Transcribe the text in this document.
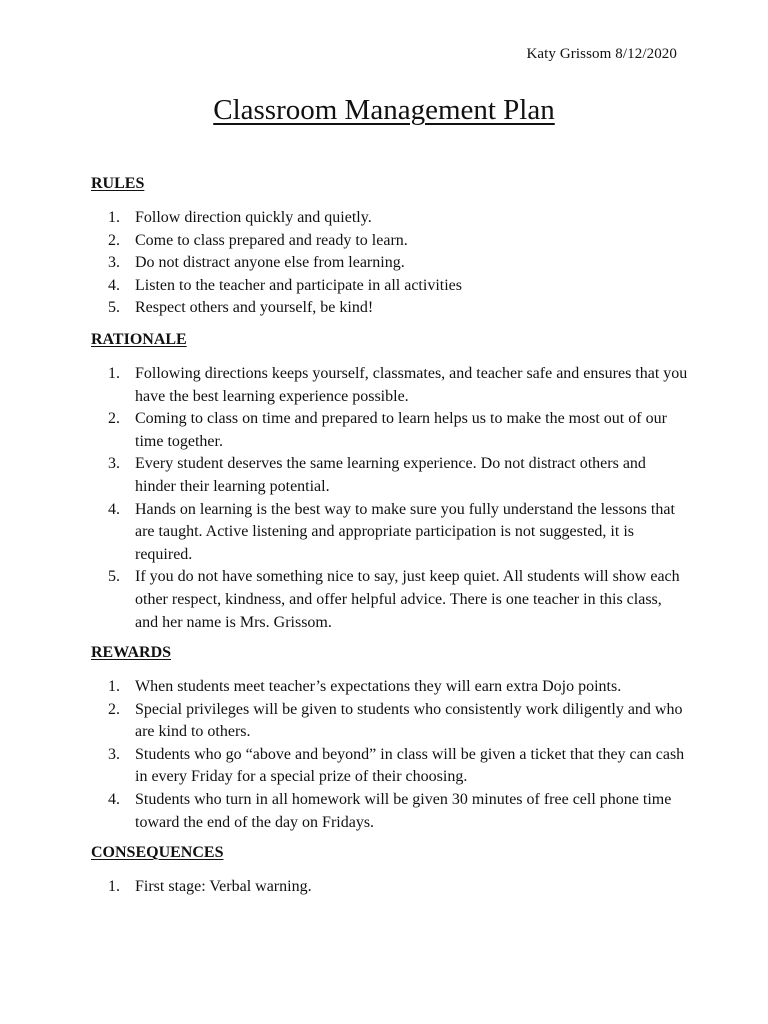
Katy Grissom 8/12/2020
Classroom Management Plan
RULES
1. Follow direction quickly and quietly.
2. Come to class prepared and ready to learn.
3. Do not distract anyone else from learning.
4. Listen to the teacher and participate in all activities
5. Respect others and yourself, be kind!
RATIONALE
1. Following directions keeps yourself, classmates, and teacher safe and ensures that you have the best learning experience possible.
2. Coming to class on time and prepared to learn helps us to make the most out of our time together.
3. Every student deserves the same learning experience. Do not distract others and hinder their learning potential.
4. Hands on learning is the best way to make sure you fully understand the lessons that are taught. Active listening and appropriate participation is not suggested, it is required.
5. If you do not have something nice to say, just keep quiet. All students will show each other respect, kindness, and offer helpful advice. There is one teacher in this class, and her name is Mrs. Grissom.
REWARDS
1. When students meet teacher’s expectations they will earn extra Dojo points.
2. Special privileges will be given to students who consistently work diligently and who are kind to others.
3. Students who go “above and beyond” in class will be given a ticket that they can cash in every Friday for a special prize of their choosing.
4. Students who turn in all homework will be given 30 minutes of free cell phone time toward the end of the day on Fridays.
CONSEQUENCES
1. First stage: Verbal warning.
